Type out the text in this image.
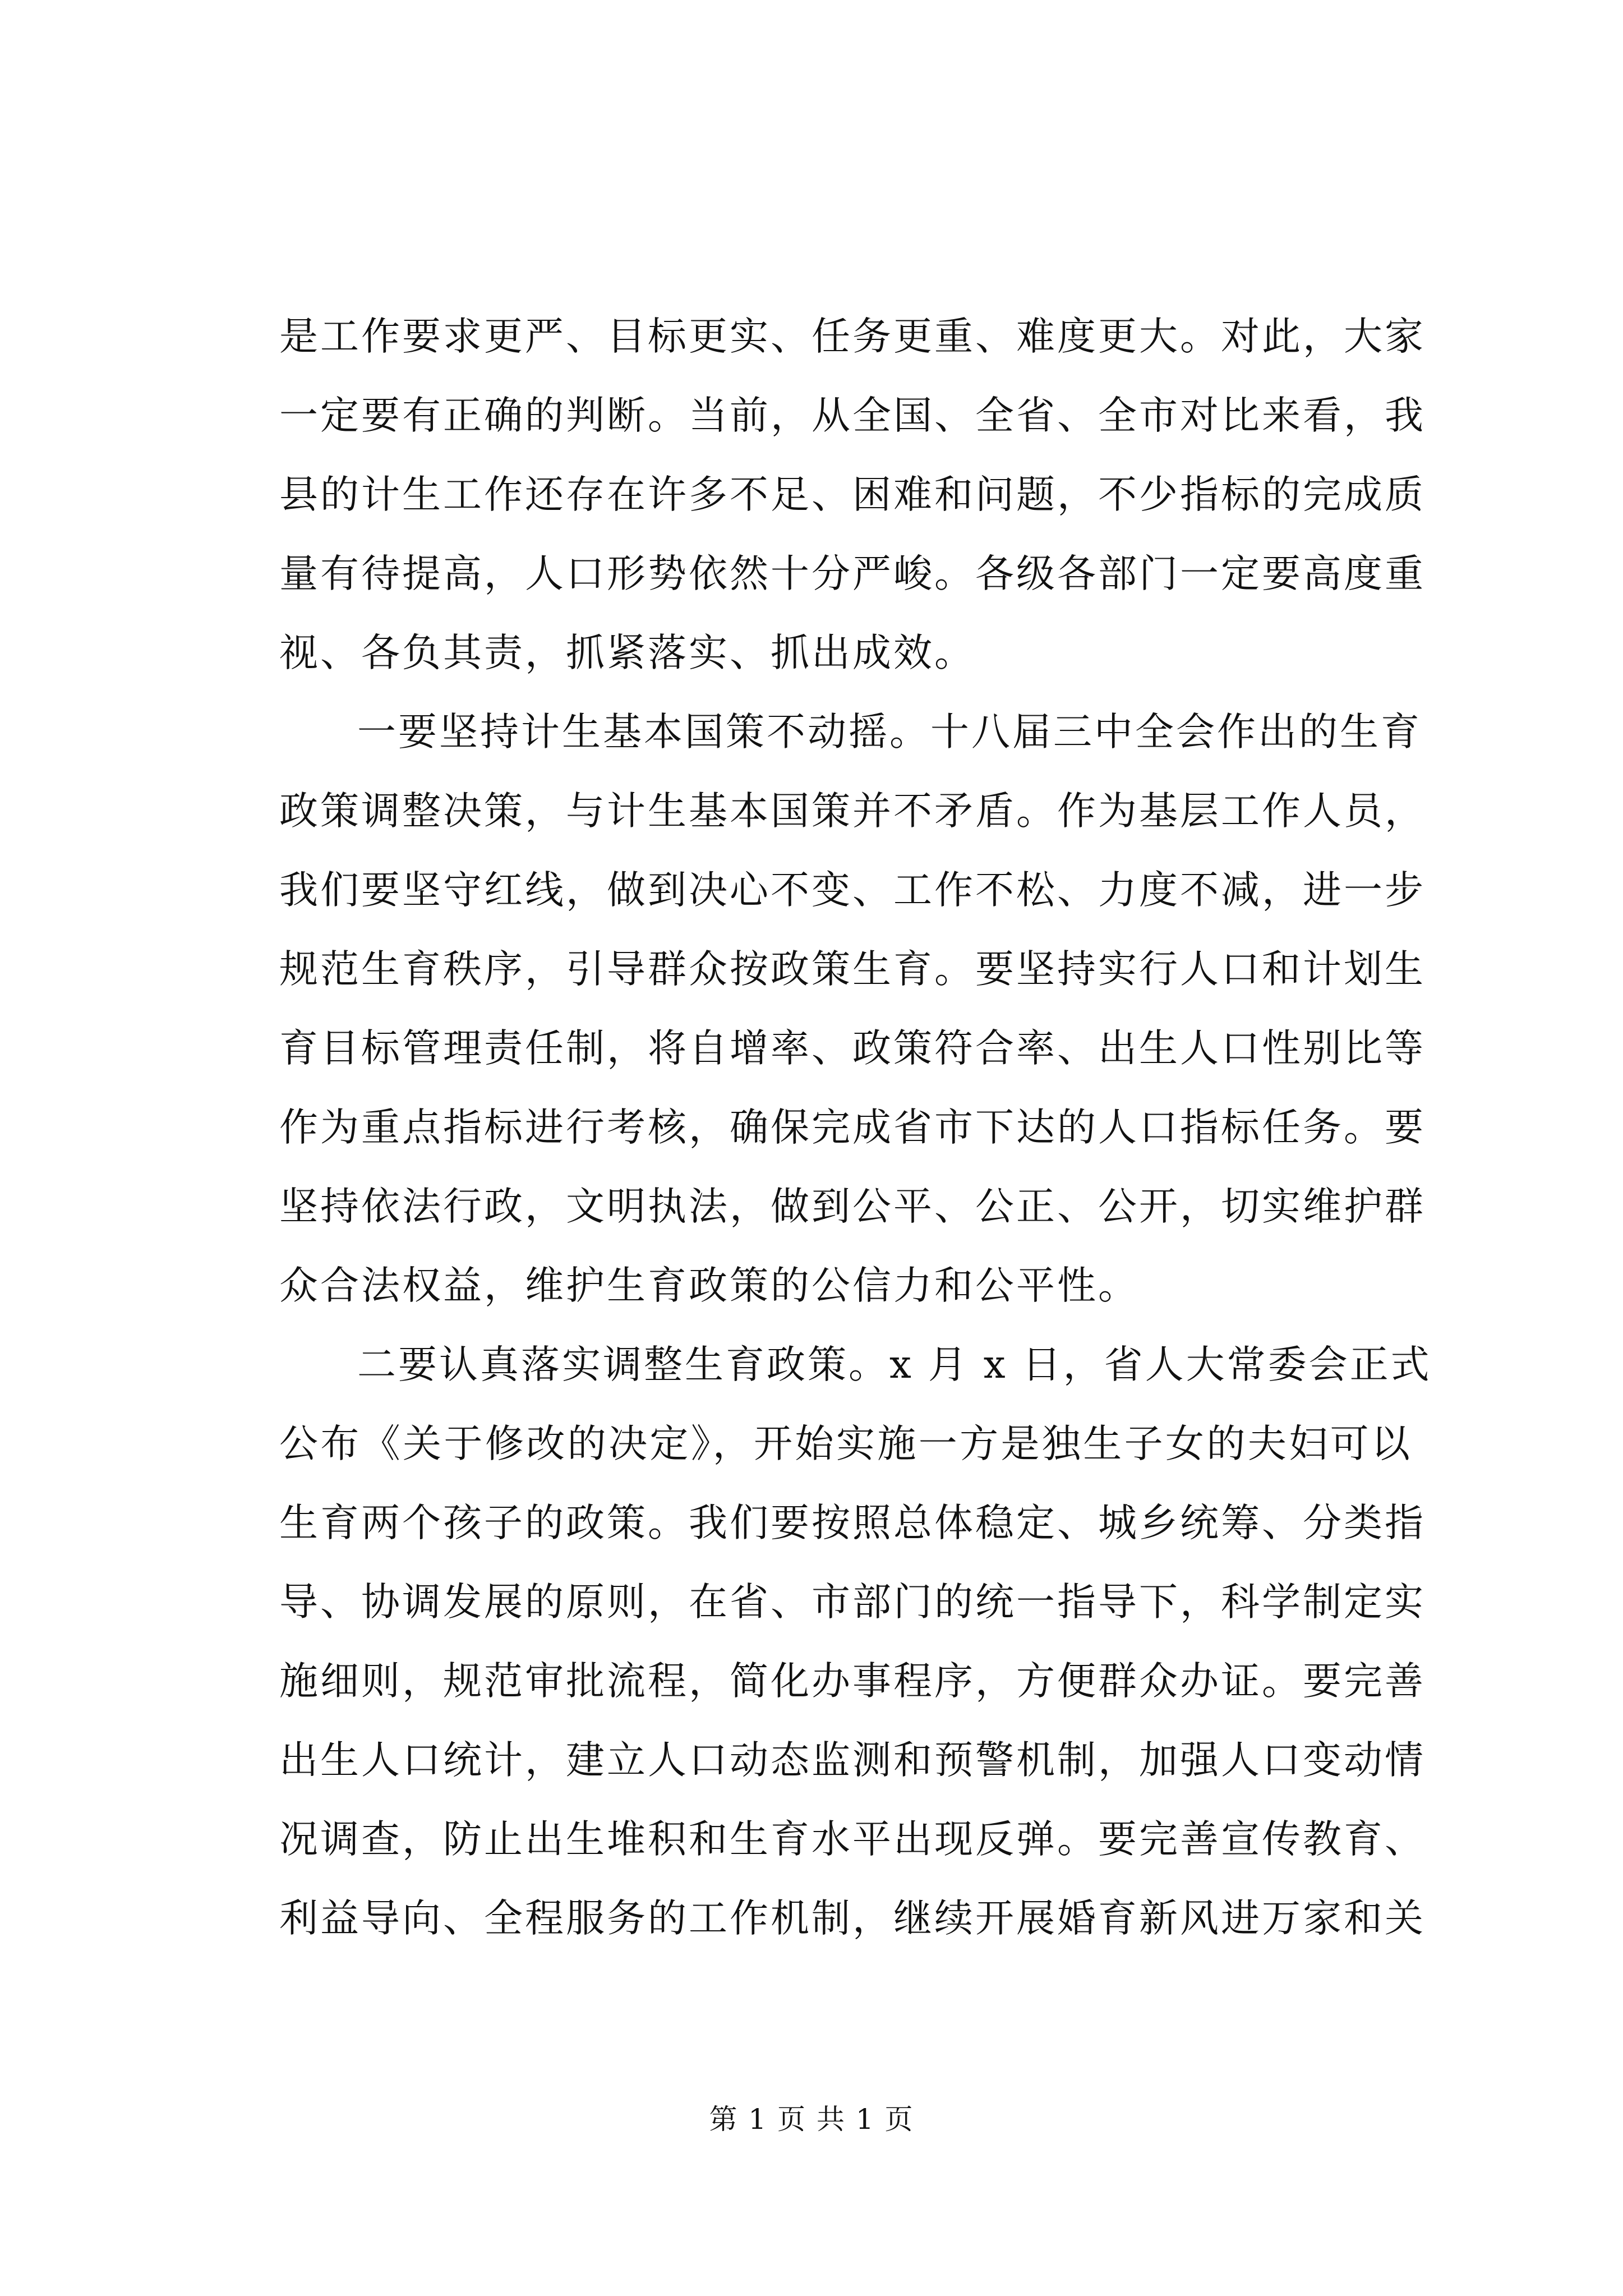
是工作要求更严、目标更实、任务更重、难度更大。对此，大家
一定要有正确的判断。当前，从全国、全省、全市对比来看，我
县的计生工作还存在许多不足、困难和问题，不少指标的完成质
量有待提高，人口形势依然十分严峻。各级各部门一定要高度重
视、各负其责，抓紧落实、抓出成效。
一要坚持计生基本国策不动摇。十八届三中全会作出的生育
政策调整决策，与计生基本国策并不矛盾。作为基层工作人员，
我们要坚守红线，做到决心不变、工作不松、力度不减，进一步
规范生育秩序，引导群众按政策生育。要坚持实行人口和计划生
育目标管理责任制，将自增率、政策符合率、出生人口性别比等
作为重点指标进行考核，确保完成省市下达的人口指标任务。要
坚持依法行政，文明执法，做到公平、公正、公开，切实维护群
众合法权益，维护生育政策的公信力和公平性。
二要认真落实调整生育政策。x 月 x 日，省人大常委会正式
公布《关于修改的决定》，开始实施一方是独生子女的夫妇可以
生育两个孩子的政策。我们要按照总体稳定、城乡统筹、分类指
导、协调发展的原则，在省、市部门的统一指导下，科学制定实
施细则，规范审批流程，简化办事程序，方便群众办证。要完善
出生人口统计，建立人口动态监测和预警机制，加强人口变动情
况调查，防止出生堆积和生育水平出现反弹。要完善宣传教育、
利益导向、全程服务的工作机制，继续开展婚育新风进万家和关
第 1 页 共 1 页
